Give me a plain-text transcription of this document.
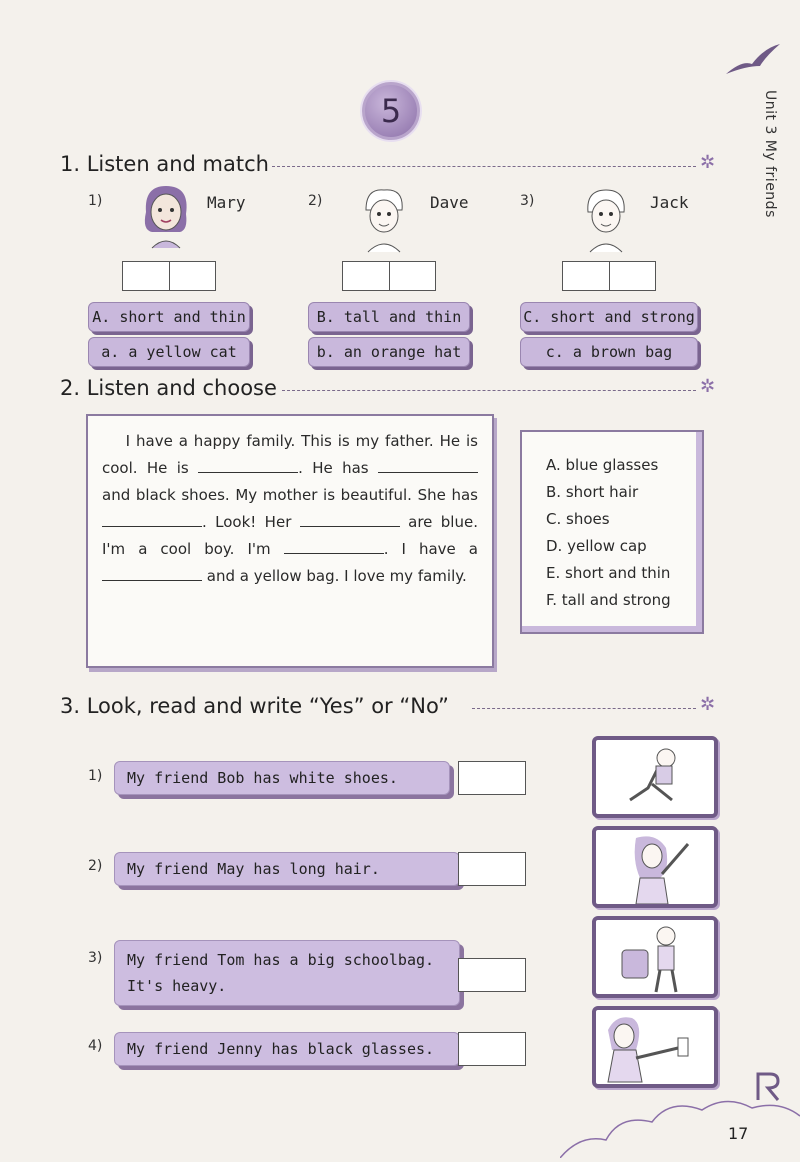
5	Unit 3 My friends
1. Listen and match	✲
1)	Mary	2)	Dave	3)	Jack
A. short and thin	B. tall and thin	C. short and strong
a. a yellow cat	b. an orange hat	c. a brown bag
2. Listen and choose	✲

I have a happy family. This is my father. He is cool. He is	. He has  and black shoes. My mother is beautiful. She has . Look! Her	are blue. I'm a cool boy. I'm	. I have a  and a yellow bag. I love my family.

A. blue glasses
B. short hair
C. shoes
D. yellow cap
E. short and thin
F. tall and strong
3. Look, read and write “Yes” or “No”	✲
1) My friend Bob has white shoes.
2) My friend May has long hair.
3) My friend Tom has a big schoolbag.
It's heavy.
4) My friend Jenny has black glasses.
17
